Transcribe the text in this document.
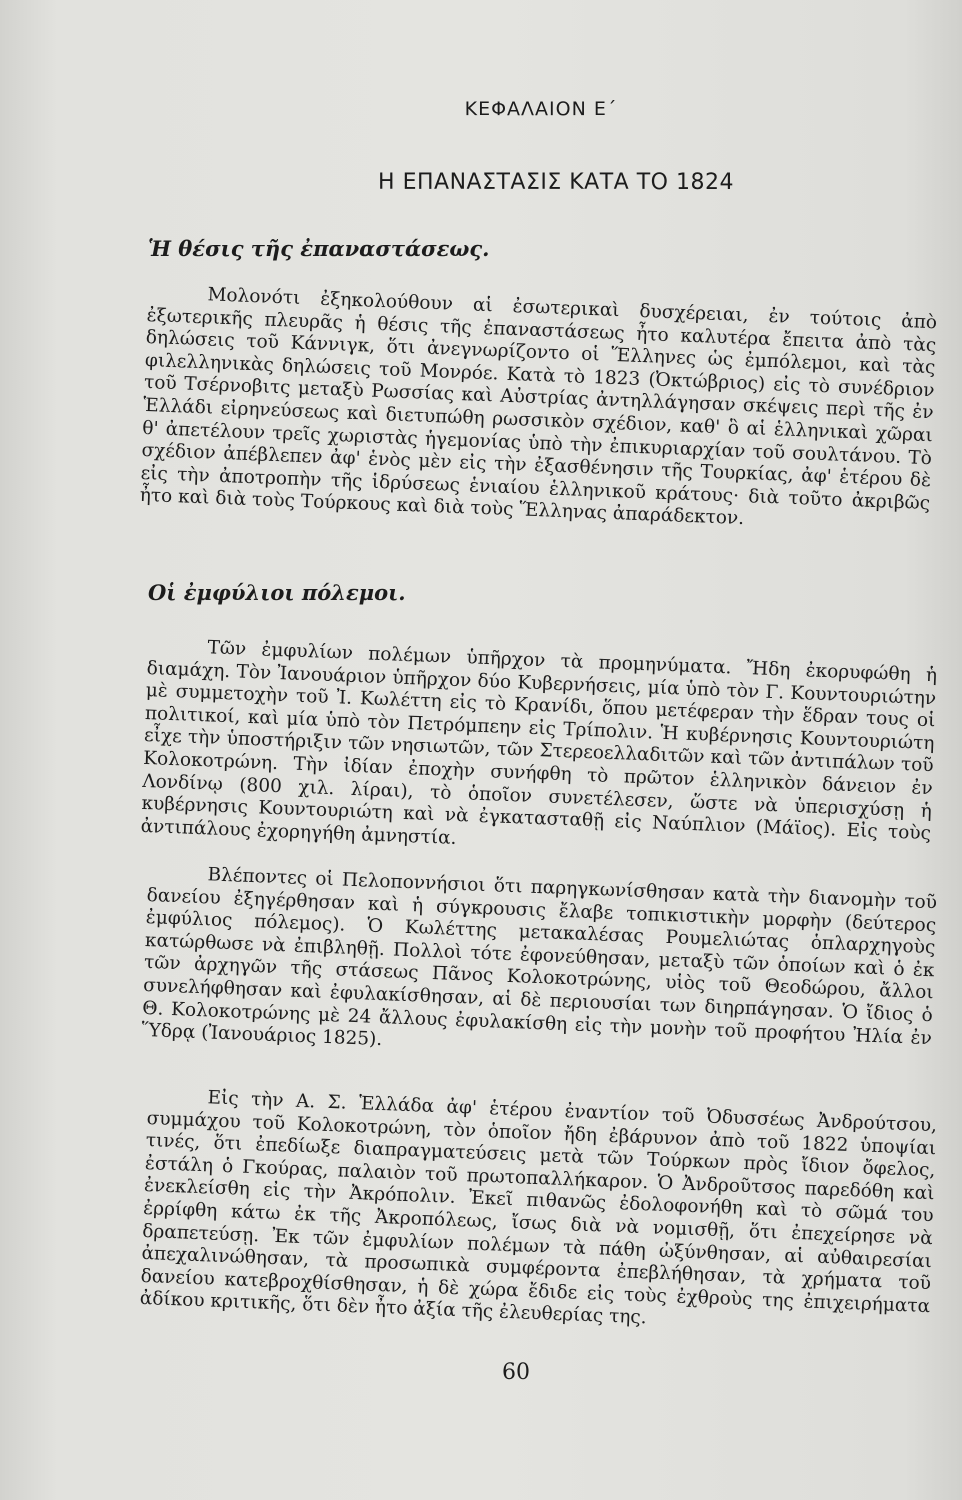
ΚΕΦΑΛΑΙΟΝ Ε΄
Η ΕΠΑΝΑΣΤΑΣΙΣ ΚΑΤΑ ΤΟ 1824
Ἡ θέσις τῆς ἐπαναστάσεως.

Μολονότι ἐξηκολούθουν αἱ ἐσωτερικαὶ δυσχέρειαι, ἐν τούτοις ἀπὸ ἐξωτερικῆς πλευρᾶς ἡ θέσις τῆς ἐπαναστάσεως ἦτο καλυτέρα ἔπειτα ἀπὸ τὰς δηλώσεις τοῦ Κάννιγκ, ὅτι ἀνεγνωρίζοντο οἱ Ἕλληνες ὡς ἐμπόλεμοι, καὶ τὰς φιλελληνικὰς δηλώσεις τοῦ Μονρόε. Κατὰ τὸ 1823 (Ὀκτώβριος) εἰς τὸ συνέδριον τοῦ Τσέρνοβιτς μεταξὺ Ρωσσίας καὶ Αὐστρίας ἀντηλλάγησαν σκέψεις περὶ τῆς ἐν Ἑλλάδι εἰρηνεύσεως καὶ διετυπώθη ρωσσικὸν σχέδιον, καθ' ὃ αἱ ἑλληνικαὶ χῶραι θ' ἀπετέλουν τρεῖς χωριστὰς ἡγεμονίας ὑπὸ τὴν ἐπικυριαρχίαν τοῦ σουλτάνου. Τὸ σχέδιον ἀπέβλεπεν ἀφ' ἑνὸς μὲν εἰς τὴν ἐξασθένησιν τῆς Τουρκίας, ἀφ' ἑτέρου δὲ εἰς τὴν ἀποτροπὴν τῆς ἱδρύσεως ἑνιαίου ἑλληνικοῦ κράτους· διὰ τοῦτο ἀκριβῶς ἦτο καὶ διὰ τοὺς Τούρκους καὶ διὰ τοὺς Ἕλληνας ἀπαράδεκτον.

Οἱ ἐμφύλιοι πόλεμοι.

Τῶν ἐμφυλίων πολέμων ὑπῆρχον τὰ προμηνύματα. Ἤδη ἐκορυφώθη ἡ διαμάχη. Τὸν Ἰανουάριον ὑπῆρχον δύο Κυβερνήσεις, μία ὑπὸ τὸν Γ. Κουντουριώτην μὲ συμμετοχὴν τοῦ Ἰ. Κωλέττη εἰς τὸ Κρανίδι, ὅπου μετέφεραν τὴν ἕδραν τους οἱ πολιτικοί, καὶ μία ὑπὸ τὸν Πετρόμπεην εἰς Τρίπολιν. Ἡ κυβέρνησις Κουντουριώτη εἶχε τὴν ὑποστήριξιν τῶν νησιωτῶν, τῶν Στερεοελλαδιτῶν καὶ τῶν ἀντιπάλων τοῦ Κολοκοτρώνη. Τὴν ἰδίαν ἐποχὴν συνήφθη τὸ πρῶτον ἑλληνικὸν δάνειον ἐν Λονδίνῳ (800 χιλ. λίραι), τὸ ὁποῖον συνετέλεσεν, ὥστε νὰ ὑπερισχύσῃ ἡ κυβέρνησις Κουντουριώτη καὶ νὰ ἐγκατασταθῇ εἰς Ναύπλιον (Μάϊος). Εἰς τοὺς ἀντιπάλους ἐχορηγήθη ἀμνηστία.

Βλέποντες οἱ Πελοποννήσιοι ὅτι παρηγκωνίσθησαν κατὰ τὴν διανομὴν τοῦ δανείου ἐξηγέρθησαν καὶ ἡ σύγκρουσις ἔλαβε τοπικιστικὴν μορφὴν (δεύτερος ἐμφύλιος πόλεμος). Ὁ Κωλέττης μετακαλέσας Ρουμελιώτας ὁπλαρχηγοὺς κατώρθωσε νὰ ἐπιβληθῇ. Πολλοὶ τότε ἐφονεύθησαν, μεταξὺ τῶν ὁποίων καὶ ὁ ἐκ τῶν ἀρχηγῶν τῆς στάσεως Πᾶνος Κολοκοτρώνης, υἱὸς τοῦ Θεοδώρου, ἄλλοι συνελήφθησαν καὶ ἐφυλακίσθησαν, αἱ δὲ περιουσίαι των διηρπάγησαν. Ὁ ἴδιος ὁ Θ. Κολοκοτρώνης μὲ 24 ἄλλους ἐφυλακίσθη εἰς τὴν μονὴν τοῦ προφήτου Ἠλία ἐν Ὕδρᾳ (Ἰανουάριος 1825).

Εἰς τὴν Α. Σ. Ἑλλάδα ἀφ' ἑτέρου ἐναντίον τοῦ Ὀδυσσέως Ἀνδρούτσου, συμμάχου τοῦ Κολοκοτρώνη, τὸν ὁποῖον ἤδη ἐβάρυνον ἀπὸ τοῦ 1822 ὑποψίαι τινές, ὅτι ἐπεδίωξε διαπραγματεύσεις μετὰ τῶν Τούρκων πρὸς ἴδιον ὄφελος, ἐστάλη ὁ Γκούρας, παλαιὸν τοῦ πρωτοπαλλήκαρον. Ὁ Ἀνδροῦτσος παρεδόθη καὶ ἐνεκλείσθη εἰς τὴν Ἀκρόπολιν. Ἐκεῖ πιθανῶς ἐδολοφονήθη καὶ τὸ σῶμά του ἐρρίφθη κάτω ἐκ τῆς Ἀκροπόλεως, ἴσως διὰ νὰ νομισθῇ, ὅτι ἐπεχείρησε νὰ δραπετεύσῃ. Ἐκ τῶν ἐμφυλίων πολέμων τὰ πάθη ὠξύνθησαν, αἱ αὐθαιρεσίαι ἀπεχαλινώθησαν, τὰ προσωπικὰ συμφέροντα ἐπεβλήθησαν, τὰ χρήματα τοῦ δανείου κατεβροχθίσθησαν, ἡ δὲ χώρα ἔδιδε εἰς τοὺς ἐχθροὺς της ἐπιχειρήματα ἀδίκου κριτικῆς, ὅτι δὲν ἦτο ἀξία τῆς ἐλευθερίας της.

60
